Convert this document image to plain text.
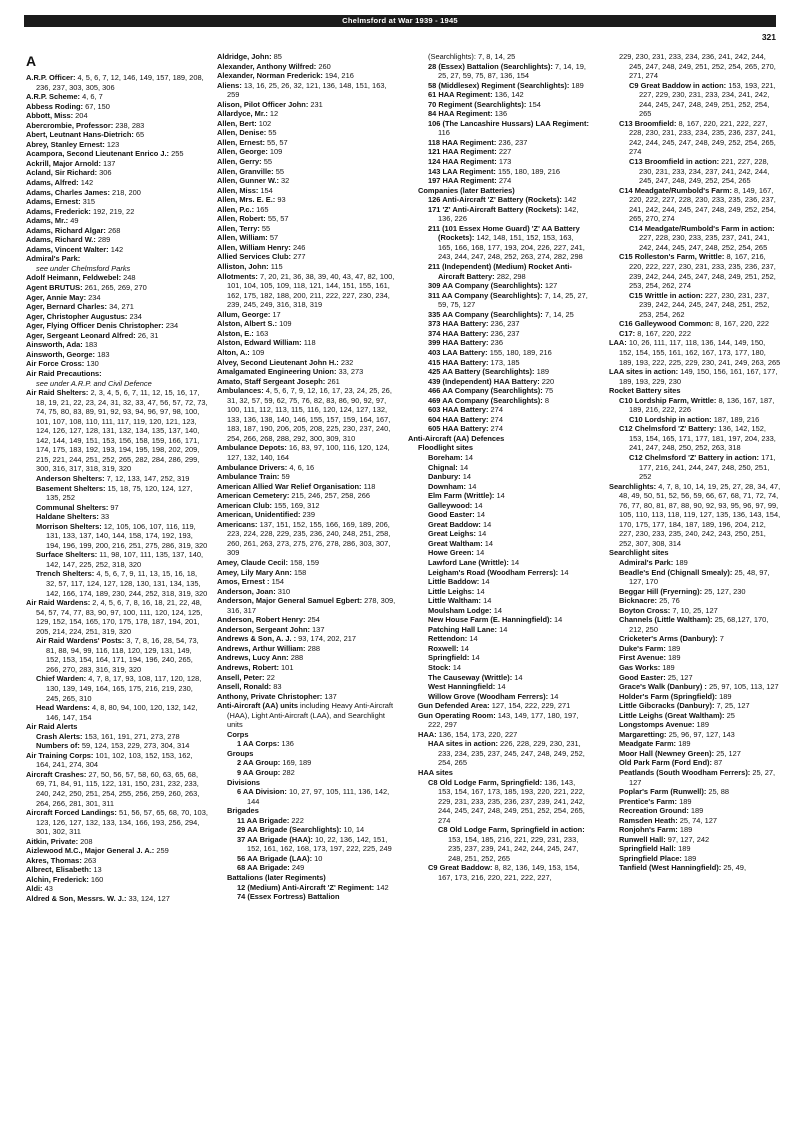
Chelmsford at War 1939 - 1945
321
A
A.R.P. Officer: 4, 5, 6, 7, 12, 146, 149, 157, 189, 208, 236, 237, 303, 305, 306
A.R.P. Scheme: 4, 6, 7
Abbess Roding: 67, 150
Abbott, Miss: 204
Abercrombie, Professor: 238, 283
Abert, Leutnant Hans-Dietrich: 65
Abrey, Stanley Ernest: 123
Acampora, Second Lieutenant Enrico J.: 255
Ackrill, Major Arnold: 137
Acland, Sir Richard: 306
Adams, Alfred: 142
Adams, Charles James: 218, 200
Adams, Ernest: 315
Adams, Frederick: 192, 219, 22
Adams, Mr.: 49
Adams, Richard Algar: 268
Adams, Richard W.: 289
Adams, Vincent Walter: 142
Admiral's Park:
see under Chelmsford Parks
Adolf Heimann, Feldwebel: 248
Agent BRUTUS: 261, 265, 269, 270
Ager, Annie May: 234
Ager, Bernard Charles: 34, 271
Ager, Christopher Augustus: 234
Ager, Flying Officer Denis Christopher: 234
Ager, Sergeant Leonard Alfred: 26, 31
Ainsworth, Ada: 183
Ainsworth, George: 183
Air Force Cross: 130
Air Raid Precautions:
see under A.R.P. and Civil Defence
Air Raid Shelters: 2, 3, 4, 5, 6, 7, 11, 12, 15, 16, 17, 18, 19, 21, 22, 23, 24, 31, 32, 33, 47, 56, 57, 72, 73, 74, 75, 80, 83, 89, 91, 92, 93, 94, 96, 97, 98, 100, 101, 107, 108, 110, 111, 117, 119, 120, 121, 123, 124, 126, 127, 128, 131, 132, 134, 135, 137, 140, 142, 144, 149, 151, 153, 156, 158, 159, 166, 171, 174, 175, 183, 192, 193, 194, 195, 198, 202, 209, 215, 221, 244, 251, 252, 265, 282, 284, 286, 299, 300, 316, 317, 318, 319, 320
Anderson Shelters: 7, 12, 133, 147, 252, 319
Basement Shelters: 15, 18, 75, 120, 124, 127, 135, 252
Communal Shelters: 97
Haldane Shelters: 33
Morrison Shelters: 12, 105, 106, 107, 116, 119, 131, 133, 137, 140, 144, 158, 174, 192, 193, 194, 196, 199, 200, 216, 251, 275, 286, 319, 320
Surface Shelters: 11, 98, 107, 111, 135, 137, 140, 142, 147, 225, 252, 318, 320
Trench Shelters: 4, 5, 6, 7, 9, 11, 13, 15, 16, 18, 32, 57, 117, 124, 127, 128, 130, 131, 134, 135, 142, 166, 174, 189, 230, 244, 252, 318, 319, 320
Air Raid Wardens: 2, 4, 5, 6, 7, 8, 16, 18, 21, 22, 48, 54, 57, 74, 77, 83, 90, 97, 100, 111, 120, 124, 125, 129, 152, 154, 165, 170, 175, 178, 187, 194, 201, 205, 214, 224, 251, 319, 320
Air Raid Wardens' Posts: 3, 7, 8, 16, 28, 54, 73, 81, 88, 94, 99, 116, 118, 120, 129, 131, 149, 152, 153, 154, 164, 171, 194, 196, 240, 265, 266, 270, 283, 316, 319, 320
Chief Warden: 4, 7, 8, 17, 93, 108, 117, 120, 128, 130, 139, 149, 164, 165, 175, 216, 219, 230, 245, 265, 310
Head Wardens: 4, 8, 80, 94, 100, 120, 132, 142, 146, 147, 154
Air Raid Alerts
Crash Alerts: 153, 161, 191, 271, 273, 278
Numbers of: 59, 124, 153, 229, 273, 304, 314
Air Training Corps: 101, 102, 103, 152, 153, 162, 164, 241, 274, 304
Aircraft Crashes: 27, 50, 56, 57, 58, 60, 63, 65, 68, 69, 71, 84, 91, 115, 122, 131, 150, 231, 232, 233, 240, 242, 250, 251, 254, 255, 256, 259, 260, 263, 264, 266, 281, 301, 311
Aircraft Forced Landings: 51, 56, 57, 65, 68, 70, 103, 123, 126, 127, 132, 133, 134, 166, 193, 256, 294, 301, 302, 311
Aitkin, Private: 208
Aizlewood M.C., Major General J. A.: 259
Akres, Thomas: 263
Albrect, Elisabeth: 13
Alchin, Frederick: 160
Aldi: 43
Aldred & Son, Messrs. W. J.: 33, 124, 127
Aldridge, John: 85
Alexander, Anthony Wilfred: 260
Alexander, Norman Frederick: 194, 216
Aliens: 13, 16, 25, 26, 32, 121, 136, 148, 151, 163, 259
Alison, Pilot Officer John: 231
Allardyce, Mr.: 12
Allen, Bert: 102
Allen, Denise: 55
Allen, Ernest: 55, 57
Allen, George: 109
Allen, Gerry: 55
Allen, Granville: 55
Allen, Gunner W.: 32
Allen, Miss: 154
Allen, Mrs. E. E.: 93
Allen, P.c.: 165
Allen, Robert: 55, 57
Allen, Terry: 55
Allen, William: 57
Allen, William Henry: 246
Allied Services Club: 277
Alliston, John: 115
Allotments: 7, 20, 21, 36, 38, 39, 40, 43, 47, 82, 100, 101, 104, 105, 109, 118, 121, 144, 151, 155, 161, 162, 175, 182, 188, 200, 211, 222, 227, 230, 234, 239, 245, 249, 316, 318, 319
Allum, George: 17
Alston, Albert S.: 109
Alston, E.: 163
Alston, Edward William: 118
Alton, A.: 109
Alvey, Second Lieutenant John H.: 232
Amalgamated Engineering Union: 33, 273
Amato, Staff Sergeant Joseph: 261
Ambulances: 4, 5, 6, 7, 9, 12, 16, 17, 23, 24, 25, 26, 31, 32, 57, 59, 62, 75, 76, 82, 83, 86, 90, 92, 97, 100, 111, 112, 113, 115, 116, 120, 124, 127, 132, 133, 136, 138, 140, 146, 155, 157, 159, 164, 167, 183, 187, 190, 206, 205, 208, 225, 230, 237, 240, 254, 266, 268, 288, 292, 300, 309, 310
Ambulance Depots: 16, 83, 97, 100, 116, 120, 124, 127, 132, 140, 164
Ambulance Drivers: 4, 6, 16
Ambulance Train: 59
American Allied War Relief Organisation: 118
American Cemetery: 215, 246, 257, 258, 266
American Club: 155, 169, 312
American, Unidentified: 239
Americans: 137, 151, 152, 155, 166, 169, 189, 206, 223, 224, 228, 229, 235, 236, 240, 248, 251, 258, 260, 261, 263, 273, 275, 276, 278, 286, 303, 307, 309
Amey, Claude Cecil: 158, 159
Amey, Lily Mary Ann: 158
Amos, Ernest : 154
Anderson, Joan: 310
Anderson, Major General Samuel Egbert: 278, 309, 316, 317
Anderson, Robert Henry: 254
Anderson, Sergeant John: 137
Andrews & Son, A. J. : 93, 174, 202, 217
Andrews, Arthur William: 288
Andrews, Lucy Ann: 288
Andrews, Robert: 101
Ansell, Peter: 22
Ansell, Ronald: 83
Anthony, Private Christopher: 137
Anti-Aircraft (AA) units including Heavy Anti-Aircraft (HAA), Light Anti-Aircraft (LAA), and Searchlight units
Corps
1 AA Corps: 136
Groups
2 AA Group: 169, 189
9 AA Group: 282
Divisions
6 AA Division: 10, 27, 97, 105, 111, 136, 142, 144
Brigades
11 AA Brigade: 222
29 AA Brigade (Searchlights): 10, 14
37 AA Brigade (HAA): 10, 22, 136, 142, 151, 152, 161, 162, 168, 173, 197, 222, 225, 249
56 AA Brigade (LAA): 10
68 AA Brigade: 249
Battalions (later Regiments)
12 (Medium) Anti-Aircraft 'Z' Regiment: 142
74 (Essex Fortress) Battalion
(Searchlights): 7, 8, 14, 25
28 (Essex) Battalion (Searchlights): 7, 14, 19, 25, 27, 59, 75, 87, 136, 154
58 (Middlesex) Regiment (Searchlights): 189
61 HAA Regiment: 136, 142
70 Regiment (Searchlights): 154
84 HAA Regiment: 136
106 (The Lancashire Hussars) LAA Regiment: 116
118 HAA Regiment: 236, 237
121 HAA Regiment: 227
124 HAA Regiment: 173
143 LAA Regiment: 155, 180, 189, 216
197 HAA Regiment: 274
Companies (later Batteries)
126 Anti-Aircraft 'Z' Battery (Rockets): 142
171 'Z' Anti-Aircraft Battery (Rockets): 142, 136, 226
211 (101 Essex Home Guard) 'Z' AA Battery (Rockets): 142, 148, 151, 152, 153, 163, 165, 166, 168, 177, 193, 204, 226, 227, 241, 243, 244, 247, 248, 252, 263, 274, 282, 298
211 (Independent) (Medium) Rocket Anti-Aircraft Battery: 282, 298
309 AA Company (Searchlights): 127
311 AA Company (Searchlights): 7, 14, 25, 27, 59, 75, 127
335 AA Company (Searchlights): 7, 14, 25
373 HAA Battery: 236, 237
374 HAA Battery: 236, 237
399 HAA Battery: 236
403 LAA Battery: 155, 180, 189, 216
415 HAA Battery: 173, 185
425 AA Battery (Searchlights): 189
439 (Independent) HAA Battery: 220
466 AA Company (Searchlights): 75
469 AA Company (Searchlights): 8
603 HAA Battery: 274
604 HAA Battery: 274
605 HAA Battery: 274
Anti-Aircraft (AA) Defences
Floodlight sites
Boreham: 14
Chignal: 14
Danbury: 14
Downham: 14
Elm Farm (Writtle): 14
Galleywood: 14
Good Easter: 14
Great Baddow: 14
Great Leighs: 14
Great Waltham: 14
Howe Green: 14
Lawford Lane (Writtle): 14
Leigham's Road (Woodham Ferrers): 14
Little Baddow: 14
Little Leighs: 14
Little Waltham: 14
Moulsham Lodge: 14
New House Farm (E. Hanningfield): 14
Patching Hall Lane: 14
Rettendon: 14
Roxwell: 14
Springfield: 14
Stock: 14
The Causeway (Writtle): 14
West Hanningfield: 14
Willow Grove (Woodham Ferrers): 14
Gun Defended Area: 127, 154, 222, 229, 271
Gun Operating Room: 143, 149, 177, 180, 197, 222, 297
HAA: 136, 154, 173, 220, 227
HAA sites in action: 226, 228, 229, 230, 231, 233, 234, 235, 237, 245, 247, 248, 249, 252, 254, 265
HAA sites
C8 Old Lodge Farm, Springfield: 136, 143, 153, 154, 167, 173, 185, 193, 220, 221, 222, 229, 231, 233, 235, 236, 237, 239, 241, 242, 244, 245, 247, 248, 249, 251, 252, 254, 265, 274
C8 Old Lodge Farm, Springfield in action: 153, 154, 185, 216, 221, 229, 231, 233, 235, 237, 239, 241, 242, 244, 245, 247, 248, 251, 252, 265
C9 Great Baddow: 8, 82, 136, 149, 153, 154, 167, 173, 216, 220, 221, 222, 227,
229, 230, 231, 233, 234, 236, 241, 242, 244, 245, 247, 248, 249, 251, 252, 254, 265, 270, 271, 274
C9 Great Baddow in action: 153, 193, 221, 227, 229, 230, 231, 233, 234, 241, 242, 244, 245, 247, 248, 249, 251, 252, 254, 265
C13 Broomfield: 8, 167, 220, 221, 222, 227, 228, 230, 231, 233, 234, 235, 236, 237, 241, 242, 244, 245, 247, 248, 249, 252, 254, 265, 274
C13 Broomfield in action: 221, 227, 228, 230, 231, 233, 234, 237, 241, 242, 244, 245, 247, 248, 249, 252, 254, 265
C14 Meadgate/Rumbold's Farm: 8, 149, 167, 220, 222, 227, 228, 230, 233, 235, 236, 237, 241, 242, 244, 245, 247, 248, 249, 252, 254, 265, 270, 274
C14 Meadgate/Rumbold's Farm in action: 227, 228, 230, 233, 235, 237, 241, 241, 242, 244, 245, 247, 248, 252, 254, 265
C15 Rolleston's Farm, Writtle: 8, 167, 216, 220, 222, 227, 230, 231, 233, 235, 236, 237, 239, 242, 244, 245, 247, 248, 249, 251, 252, 253, 254, 262, 274
C15 Writtle in action: 227, 230, 231, 237, 239, 242, 244, 245, 247, 248, 251, 252, 253, 254, 262
C16 Galleywood Common: 8, 167, 220, 222
C17: 8, 167, 220, 222
LAA: 10, 26, 111, 117, 118, 136, 144, 149, 150, 152, 154, 155, 161, 162, 167, 173, 177, 180, 189, 193, 222, 225, 229, 230, 241, 249, 263, 265
LAA sites in action: 149, 150, 156, 161, 167, 177, 189, 193, 229, 230
Rocket Battery sites
C10 Lordship Farm, Writtle: 8, 136, 167, 187, 189, 216, 222, 226
C10 Lordship in action: 187, 189, 216
C12 Chelmsford 'Z' Battery: 136, 142, 152, 153, 154, 165, 171, 177, 181, 197, 204, 233, 241, 247, 248, 250, 252, 263, 318
C12 Chelmsford 'Z' Battery in action: 171, 177, 216, 241, 244, 247, 248, 250, 251, 252
Searchlights: 4, 7, 8, 10, 14, 19, 25, 27, 28, 34, 47, 48, 49, 50, 51, 52, 56, 59, 66, 67, 68, 71, 72, 74, 76, 77, 80, 81, 87, 88, 90, 92, 93, 95, 96, 97, 99, 105, 110, 113, 118, 119, 127, 135, 136, 143, 154, 170, 175, 177, 184, 187, 189, 196, 204, 212, 227, 230, 233, 235, 240, 242, 243, 250, 251, 252, 307, 308, 314
Searchlight sites
Admiral's Park: 189
Beadle's End (Chignall Smealy): 25, 48, 97, 127, 170
Beggar Hill (Fryerning): 25, 127, 230
Bicknacre: 25, 76
Boyton Cross: 7, 10, 25, 127
Channels (Little Waltham): 25, 68,127, 170, 212, 250
Cricketer's Arms (Danbury): 7
Duke's Farm: 189
First Avenue: 189
Gas Works: 189
Good Easter: 25, 127
Grace's Walk (Danbury) : 25, 97, 105, 113, 127
Holder's Farm (Springfield): 189
Little Gibcracks (Danbury): 7, 25, 127
Little Leighs (Great Waltham): 25
Longstomps Avenue: 189
Margaretting: 25, 96, 97, 127, 143
Meadgate Farm: 189
Moor Hall (Newney Green): 25, 127
Old Park Farm (Ford End): 87
Peatlands (South Woodham Ferrers): 25, 27, 127
Poplar's Farm (Runwell): 25, 88
Prentice's Farm: 189
Recreation Ground: 189
Ramsden Heath: 25, 74, 127
Ronjohn's Farm: 189
Runwell Hall: 97, 127, 242
Springfield Hall: 189
Springfield Place: 189
Tanfield (West Hanningfield): 25, 49,
